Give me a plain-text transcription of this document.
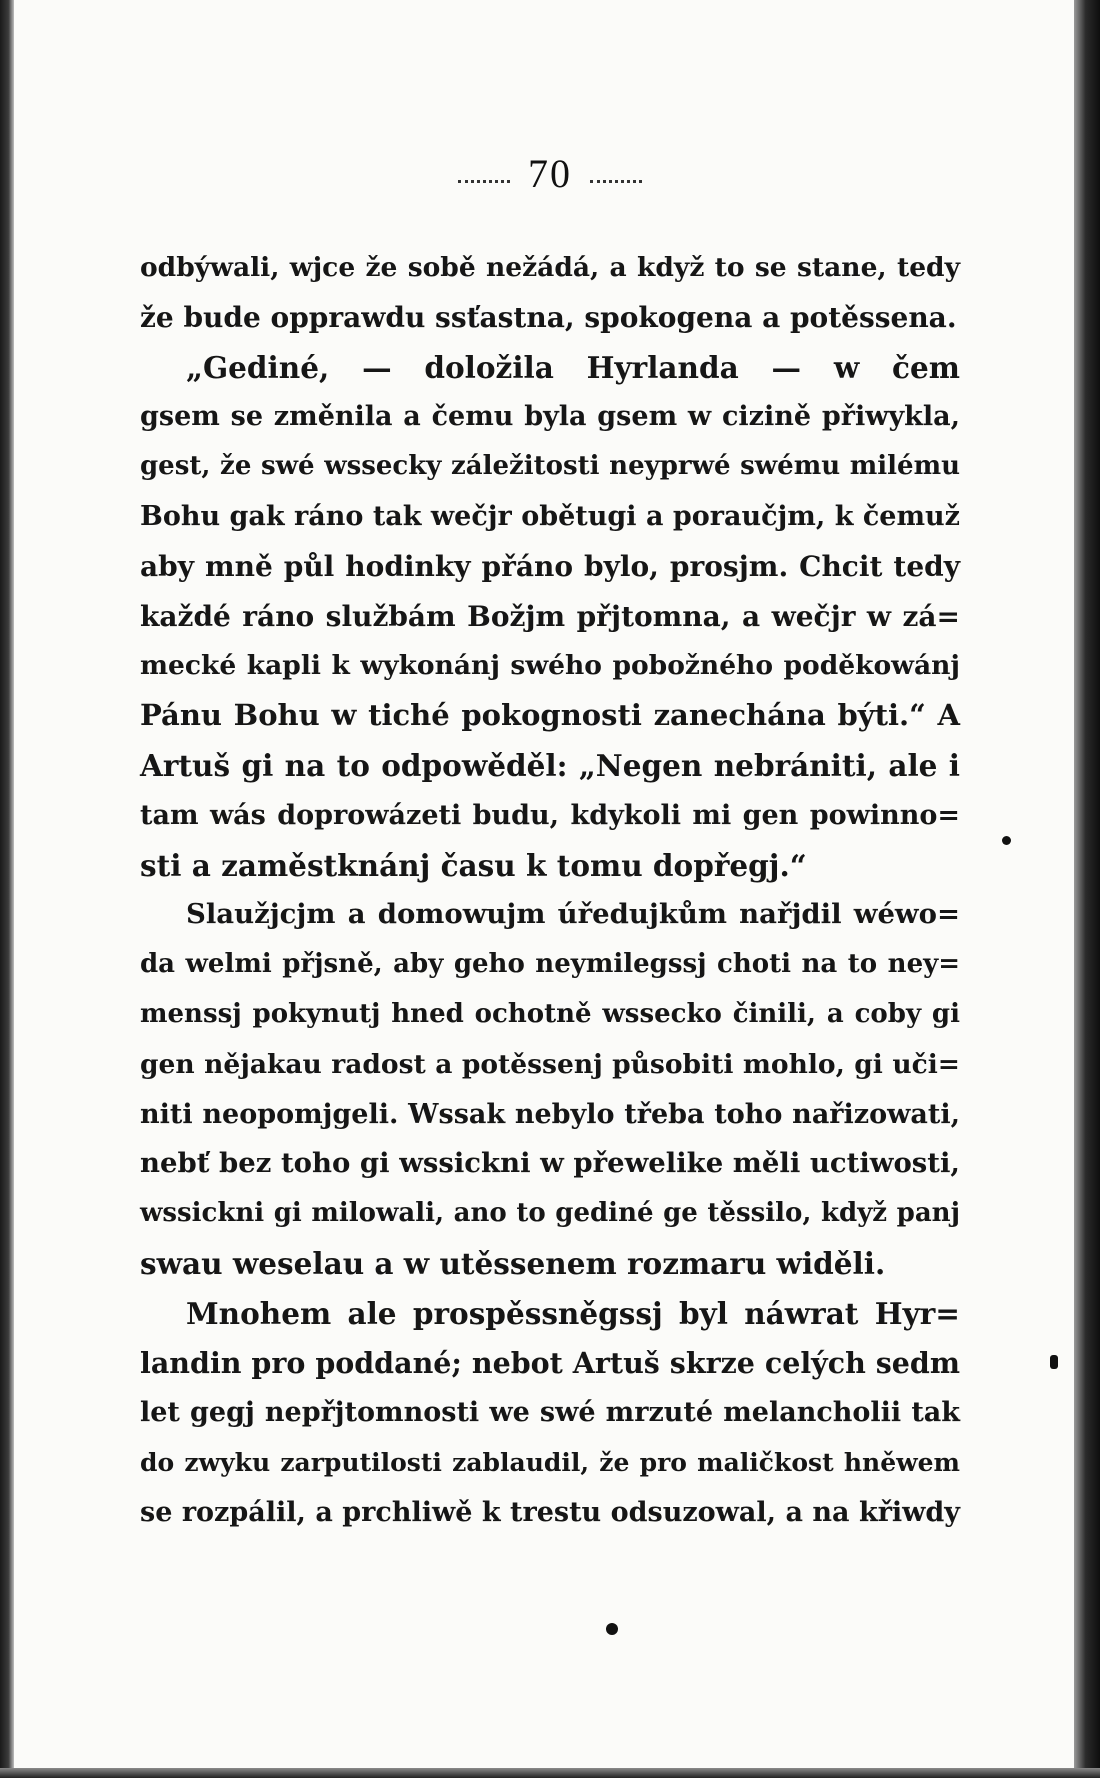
70
odbýwali, wjce že sobě nežádá, a když to se stane, tedy
že bude opprawdu ssťastna, spokogena a potěssena.
„Gediné, — doložila Hyrlanda — w čem
gsem se změnila a čemu byla gsem w cizině přiwykla,
gest, že swé wssecky záležitosti neyprwé swému milému
Bohu gak ráno tak wečjr obětugi a poraučjm, k čemuž
aby mně půl hodinky přáno bylo, prosjm. Chcit tedy
každé ráno službám Božjm přjtomna, a wečjr w zá=
mecké kapli k wykonánj swého pobožného poděkowánj
Pánu Bohu w tiché pokognosti zanechána býti.“ A
Artuš gi na to odpowěděl: „Negen nebrániti, ale i
tam wás doprowázeti budu, kdykoli mi gen powinno=
sti a zaměstknánj času k tomu dopřegj.“
Slaužjcjm a domowujm úředujkům nařjdil wéwo=
da welmi přjsně, aby geho neymilegssj choti na to ney=
menssj pokynutj hned ochotně wssecko činili, a coby gi
gen nějakau radost a potěssenj působiti mohlo, gi uči=
niti neopomjgeli. Wssak nebylo třeba toho nařizowati,
nebť bez toho gi wssickni w přewelike měli uctiwosti,
wssickni gi milowali, ano to gediné ge těssilo, když panj
swau weselau a w utěssenem rozmaru widěli.
Mnohem ale prospěssněgssj byl náwrat Hyr=
landin pro poddané; nebot Artuš skrze celých sedm
let gegj nepřjtomnosti we swé mrzuté melancholii tak
do zwyku zarputilosti zablaudil, že pro maličkost hněwem
se rozpálil, a prchliwě k trestu odsuzowal, a na křiwdy
